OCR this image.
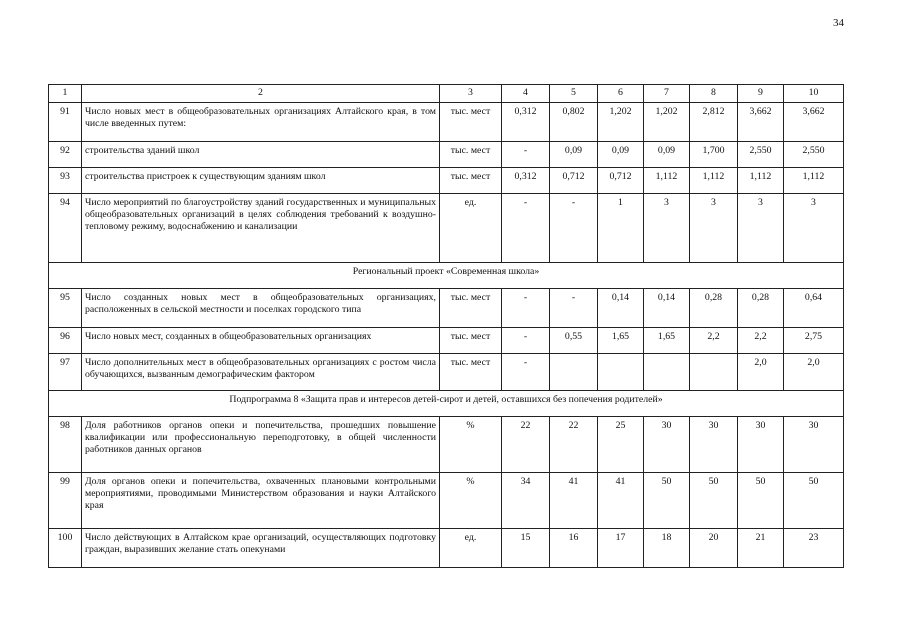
34
1	2	3	4	5	6	7	8	9	10
91	Число новых мест в общеобразовательных организациях Алтайского края, в том числе введенных путем:	тыс. мест	0,312	0,802	1,202	1,202	2,812	3,662	3,662
92	строительства зданий школ	тыс. мест	-	0,09	0,09	0,09	1,700	2,550	2,550
93	строительства пристроек к существующим зданиям школ	тыс. мест	0,312	0,712	0,712	1,112	1,112	1,112	1,112
94	Число мероприятий по благоустройству зданий государственных и муниципальных общеобразовательных организаций в целях соблюдения требований к воздушно-тепловому режиму, водоснабжению и канализации	ед.	-	-	1	3	3	3	3
Региональный проект «Современная школа»									
95	Число созданных новых мест в общеобразовательных организациях, расположенных в сельской местности и поселках городского типа	тыс. мест	-	-	0,14	0,14	0,28	0,28	0,64
96	Число новых мест, созданных в общеобразовательных организациях	тыс. мест	-	0,55	1,65	1,65	2,2	2,2	2,75
97	Число дополнительных мест в общеобразовательных организациях с ростом числа обучающихся, вызванным демографическим фактором	тыс. мест	-					2,0	2,0
Подпрограмма 8 «Защита прав и интересов детей-сирот и детей, оставшихся без попечения родителей»									
98	Доля работников органов опеки и попечительства, прошедших повышение квалификации или профессиональную переподготовку, в общей численности работников данных органов	%	22	22	25	30	30	30	30
99	Доля органов опеки и попечительства, охваченных плановыми контрольными мероприятиями, проводимыми Министерством образования и науки Алтайского края	%	34	41	41	50	50	50	50
100	Число действующих в Алтайском крае организаций, осуществляющих подготовку граждан, выразивших желание стать опекунами	ед.	15	16	17	18	20	21	23
